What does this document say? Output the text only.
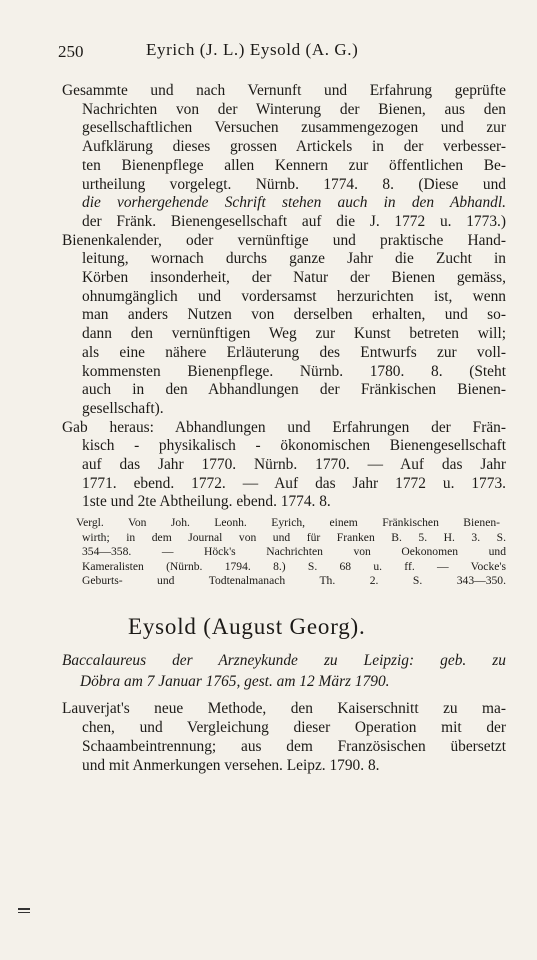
250	Eyrich (J. L.) Eysold (A. G.)
Gesammte und nach Vernunft und Erfahrung geprüfte
Nachrichten von der Winterung der Bienen, aus den
gesellschaftlichen Versuchen zusammengezogen und zur
Aufklärung dieses grossen Artickels in der verbesser-
ten Bienenpflege allen Kennern zur öffentlichen Be-
urtheilung vorgelegt. Nürnb. 1774. 8. (Diese und
die vorhergehende Schrift stehen auch in den Abhandl.
der Fränk. Bienengesellschaft auf die J. 1772 u. 1773.)
Bienenkalender, oder vernünftige und praktische Hand-
leitung, wornach durchs ganze Jahr die Zucht in
Körben insonderheit, der Natur der Bienen gemäss,
ohnumgänglich und vordersamst herzurichten ist, wenn
man anders Nutzen von derselben erhalten, und so-
dann den vernünftigen Weg zur Kunst betreten will;
als eine nähere Erläuterung des Entwurfs zur voll-
kommensten Bienenpflege. Nürnb. 1780. 8. (Steht
auch in den Abhandlungen der Fränkischen Bienen-
gesellschaft).
Gab heraus: Abhandlungen und Erfahrungen der Frän-
kisch - physikalisch - ökonomischen Bienengesellschaft
auf das Jahr 1770. Nürnb. 1770. — Auf das Jahr
1771. ebend. 1772. — Auf das Jahr 1772 u. 1773.
1ste und 2te Abtheilung. ebend. 1774. 8.
Vergl. Von Joh. Leonh. Eyrich, einem Fränkischen Bienen-
wirth; in dem Journal von und für Franken B. 5. H. 3. S.
354—358. — Höck's Nachrichten von Oekonomen und
Kameralisten (Nürnb. 1794. 8.) S. 68 u. ff. — Vocke's
Geburts- und Todtenalmanach Th. 2. S. 343—350.
Eysold (August Georg).
Baccalaureus der Arzneykunde zu Leipzig: geb. zu
Döbra am 7 Januar 1765, gest. am 12 März 1790.
Lauverjat's neue Methode, den Kaiserschnitt zu ma-
chen, und Vergleichung dieser Operation mit der
Schaambeintrennung; aus dem Französischen übersetzt
und mit Anmerkungen versehen. Leipz. 1790. 8.
